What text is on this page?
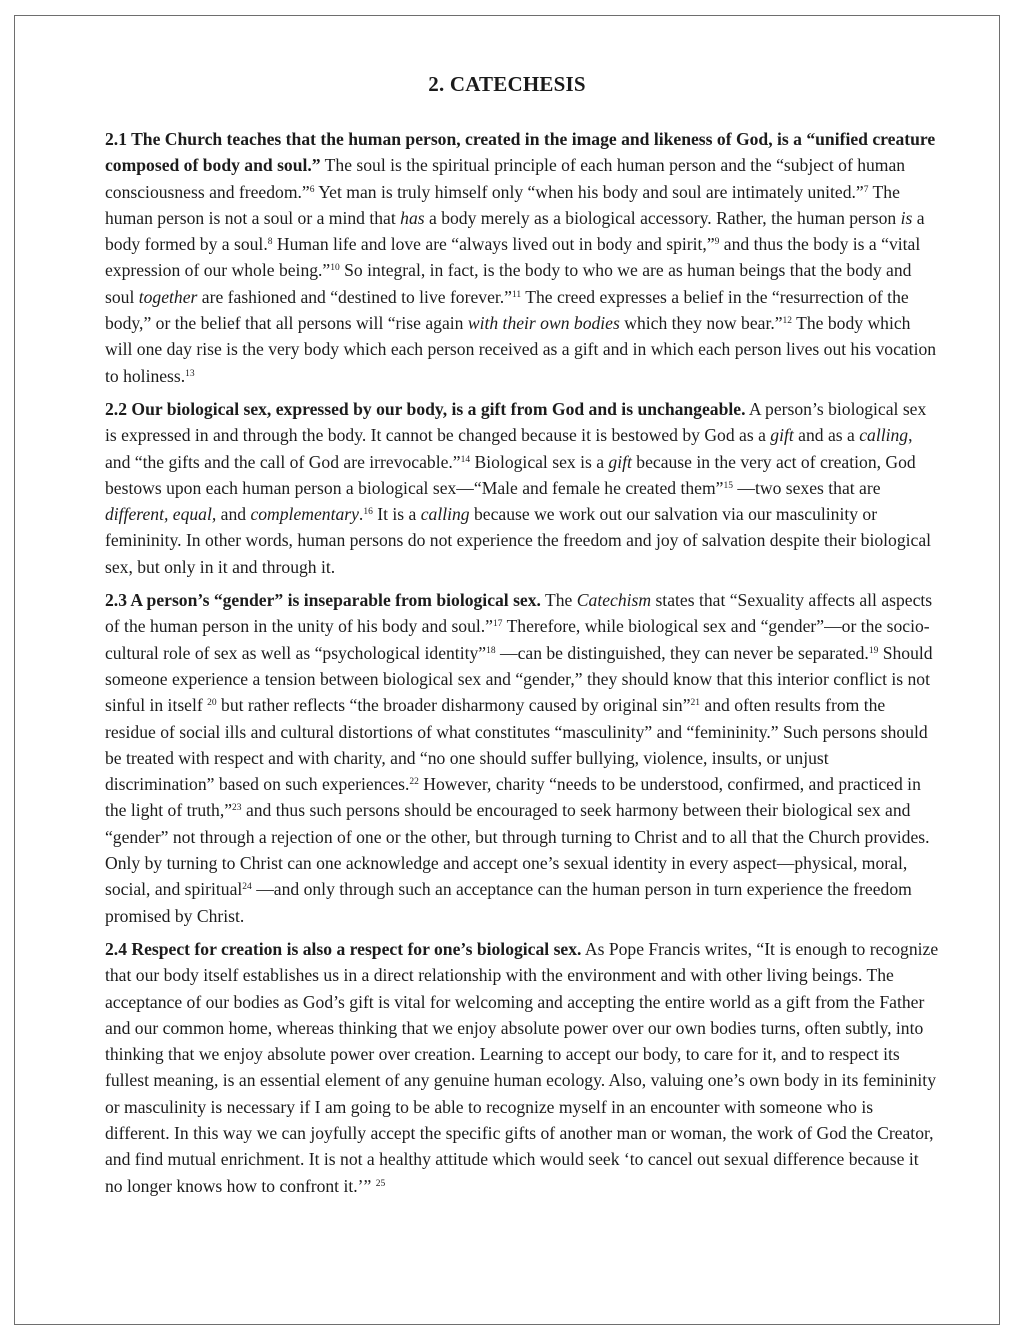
2. CATECHESIS

2.1 The Church teaches that the human person, created in the image and likeness of God, is a “unified creature composed of body and soul.” The soul is the spiritual principle of each human person and the “subject of human consciousness and freedom.”$^6$ Yet man is truly himself only “when his body and soul are intimately united.”$^7$ The human person is not a soul or a mind that has a body merely as a biological accessory. Rather, the human person is a body formed by a soul.$^8$ Human life and love are “always lived out in body and spirit,”$^9$ and thus the body is a “vital expression of our whole being.”$^{10}$ So integral, in fact, is the body to who we are as human beings that the body and soul together are fashioned and “destined to live forever.”$^{11}$ The creed expresses a belief in the “resurrection of the body,” or the belief that all persons will “rise again with their own bodies which they now bear.”$^{12}$ The body which will one day rise is the very body which each person received as a gift and in which each person lives out his vocation to holiness.$^{13}$

2.2 Our biological sex, expressed by our body, is a gift from God and is unchangeable. A person’s biological sex is expressed in and through the body. It cannot be changed because it is bestowed by God as a gift and as a calling, and “the gifts and the call of God are irrevocable.”$^{14}$ Biological sex is a gift because in the very act of creation, God bestows upon each human person a biological sex—“Male and female he created them”$^{15}$ —two sexes that are different, equal, and complementary.$^{16}$ It is a calling because we work out our salvation via our masculinity or femininity. In other words, human persons do not experience the freedom and joy of salvation despite their biological sex, but only in it and through it.

2.3 A person’s “gender” is inseparable from biological sex. The Catechism states that “Sexuality affects all aspects of the human person in the unity of his body and soul.”$^{17}$ Therefore, while biological sex and “gender”—or the socio-cultural role of sex as well as “psychological identity”$^{18}$ —can be distinguished, they can never be separated.$^{19}$ Should someone experience a tension between biological sex and “gender,” they should know that this interior conflict is not sinful in itself $^{20}$ but rather reflects “the broader disharmony caused by original sin”$^{21}$ and often results from the residue of social ills and cultural distortions of what constitutes “masculinity” and “femininity.” Such persons should be treated with respect and with charity, and “no one should suffer bullying, violence, insults, or unjust discrimination” based on such experiences.$^{22}$ However, charity “needs to be understood, confirmed, and practiced in the light of truth,”$^{23}$ and thus such persons should be encouraged to seek harmony between their biological sex and “gender” not through a rejection of one or the other, but through turning to Christ and to all that the Church provides. Only by turning to Christ can one acknowledge and accept one’s sexual identity in every aspect—physical, moral, social, and spiritual$^{24}$ —and only through such an acceptance can the human person in turn experience the freedom promised by Christ.

2.4 Respect for creation is also a respect for one’s biological sex. As Pope Francis writes, “It is enough to recognize that our body itself establishes us in a direct relationship with the environment and with other living beings. The acceptance of our bodies as God’s gift is vital for welcoming and accepting the entire world as a gift from the Father and our common home, whereas thinking that we enjoy absolute power over our own bodies turns, often subtly, into thinking that we enjoy absolute power over creation. Learning to accept our body, to care for it, and to respect its fullest meaning, is an essential element of any genuine human ecology. Also, valuing one’s own body in its femininity or masculinity is necessary if I am going to be able to recognize myself in an encounter with someone who is different. In this way we can joyfully accept the specific gifts of another man or woman, the work of God the Creator, and find mutual enrichment. It is not a healthy attitude which would seek ‘to cancel out sexual difference because it no longer knows how to confront it.’” $^{25}$
